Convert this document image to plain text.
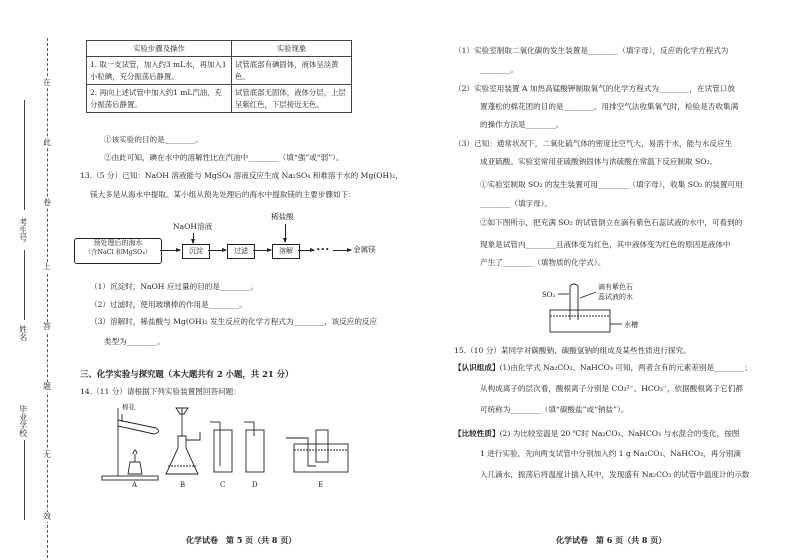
在
此
卷
上
答
题
无
效
考生号
姓名
毕业学校
实验步骤及操作	实验现象
1. 取一支试管，加入约3 mL水，再加入1小粒碘，充分振荡后静置。	试管底部有碘固体，液体呈淡黄色。
2. 再向上述试管中加入约1 mL汽油，充分振荡后静置。	试管底部无固体，液体分层，上层呈紫红色，下层接近无色。
①该实验的目的是________。
②由此可知，碘在水中的溶解性比在汽油中________（填“强”或“弱”）。
13.（5 分）已知：NaOH 溶液能与 MgSO₄ 溶液反应生成 Na₂SO₄ 和难溶于水的 Mg(OH)₂，
镁大多是从海水中提取。某小组从预先处理后的海水中提取镁的主要步骤如下：
预处理后的海水
（含NaCl 和MgSO₄）
NaOH溶液
沉淀	过滤
稀盐酸
溶解	•••	金属镁
（1）沉淀时，NaOH 应过量的目的是________。
（2）过滤时，使用玻璃棒的作用是________。
（3）溶解时，稀盐酸与 Mg(OH)₂ 发生反应的化学方程式为________，该反应的反应
类型为________。
三、化学实验与探究题（本大题共有 2 小题，共 21 分）
14.（11 分）请根据下列实验装置图回答问题：
A	B	C	D	E
棉花
化学试卷　第 5 页（共 8 页）
（1）实验室制取二氧化碳的发生装置是________（填字母），反应的化学方程式为
________。
（2）实验室用装置 A 加热高锰酸钾制取氧气的化学方程式为________，在试管口放
置蓬松的棉花团的目的是________。用排空气法收集氧气时，检验是否收集满
的操作方法是________。
（3）已知：通常状况下，二氧化硫气体的密度比空气大，易溶于水，能与水反应生
成亚硫酸。实验室常用亚硫酸钠固体与浓硫酸在常温下反应制取 SO₂。
①实验室制取 SO₂ 的发生装置可用________（填字母），收集 SO₂ 的装置可用
________（填字母）。
②如下图所示，把充满 SO₂ 的试管倒立在滴有紫色石蕊试液的水中，可看到的
现象是试管内________且液体变为红色，其中液体变为红色的原因是液体中
产生了________（填物质的化学式）。
SO₂
滴有紫色石
蕊试液的水
水槽
15.（10 分）某同学对碳酸钠、碳酸氢钠的组成及某些性质进行探究。
【认识组成】(1)由化学式 Na₂CO₃、NaHCO₃ 可知，两者含有的元素差别是________；
从构成离子的层次看，酸根离子分别是 CO₃²⁻、HCO₃⁻，依据酸根离子它们都
可统称为________（填“碳酸盐”或“钠盐”）。
【比较性质】(2) 为比较室温是 20 ℃时 Na₂CO₃、NaHCO₃ 与水混合的变化，按图
1 进行实验，先向两支试管中分别加入约 1 g Na₂CO₃、NaHCO₃，再分别滴
入几滴水，振荡后将温度计插入其中，发现盛有 Na₂CO₃ 的试管中温度计的示数
化学试卷　第 6 页（共 8 页）
